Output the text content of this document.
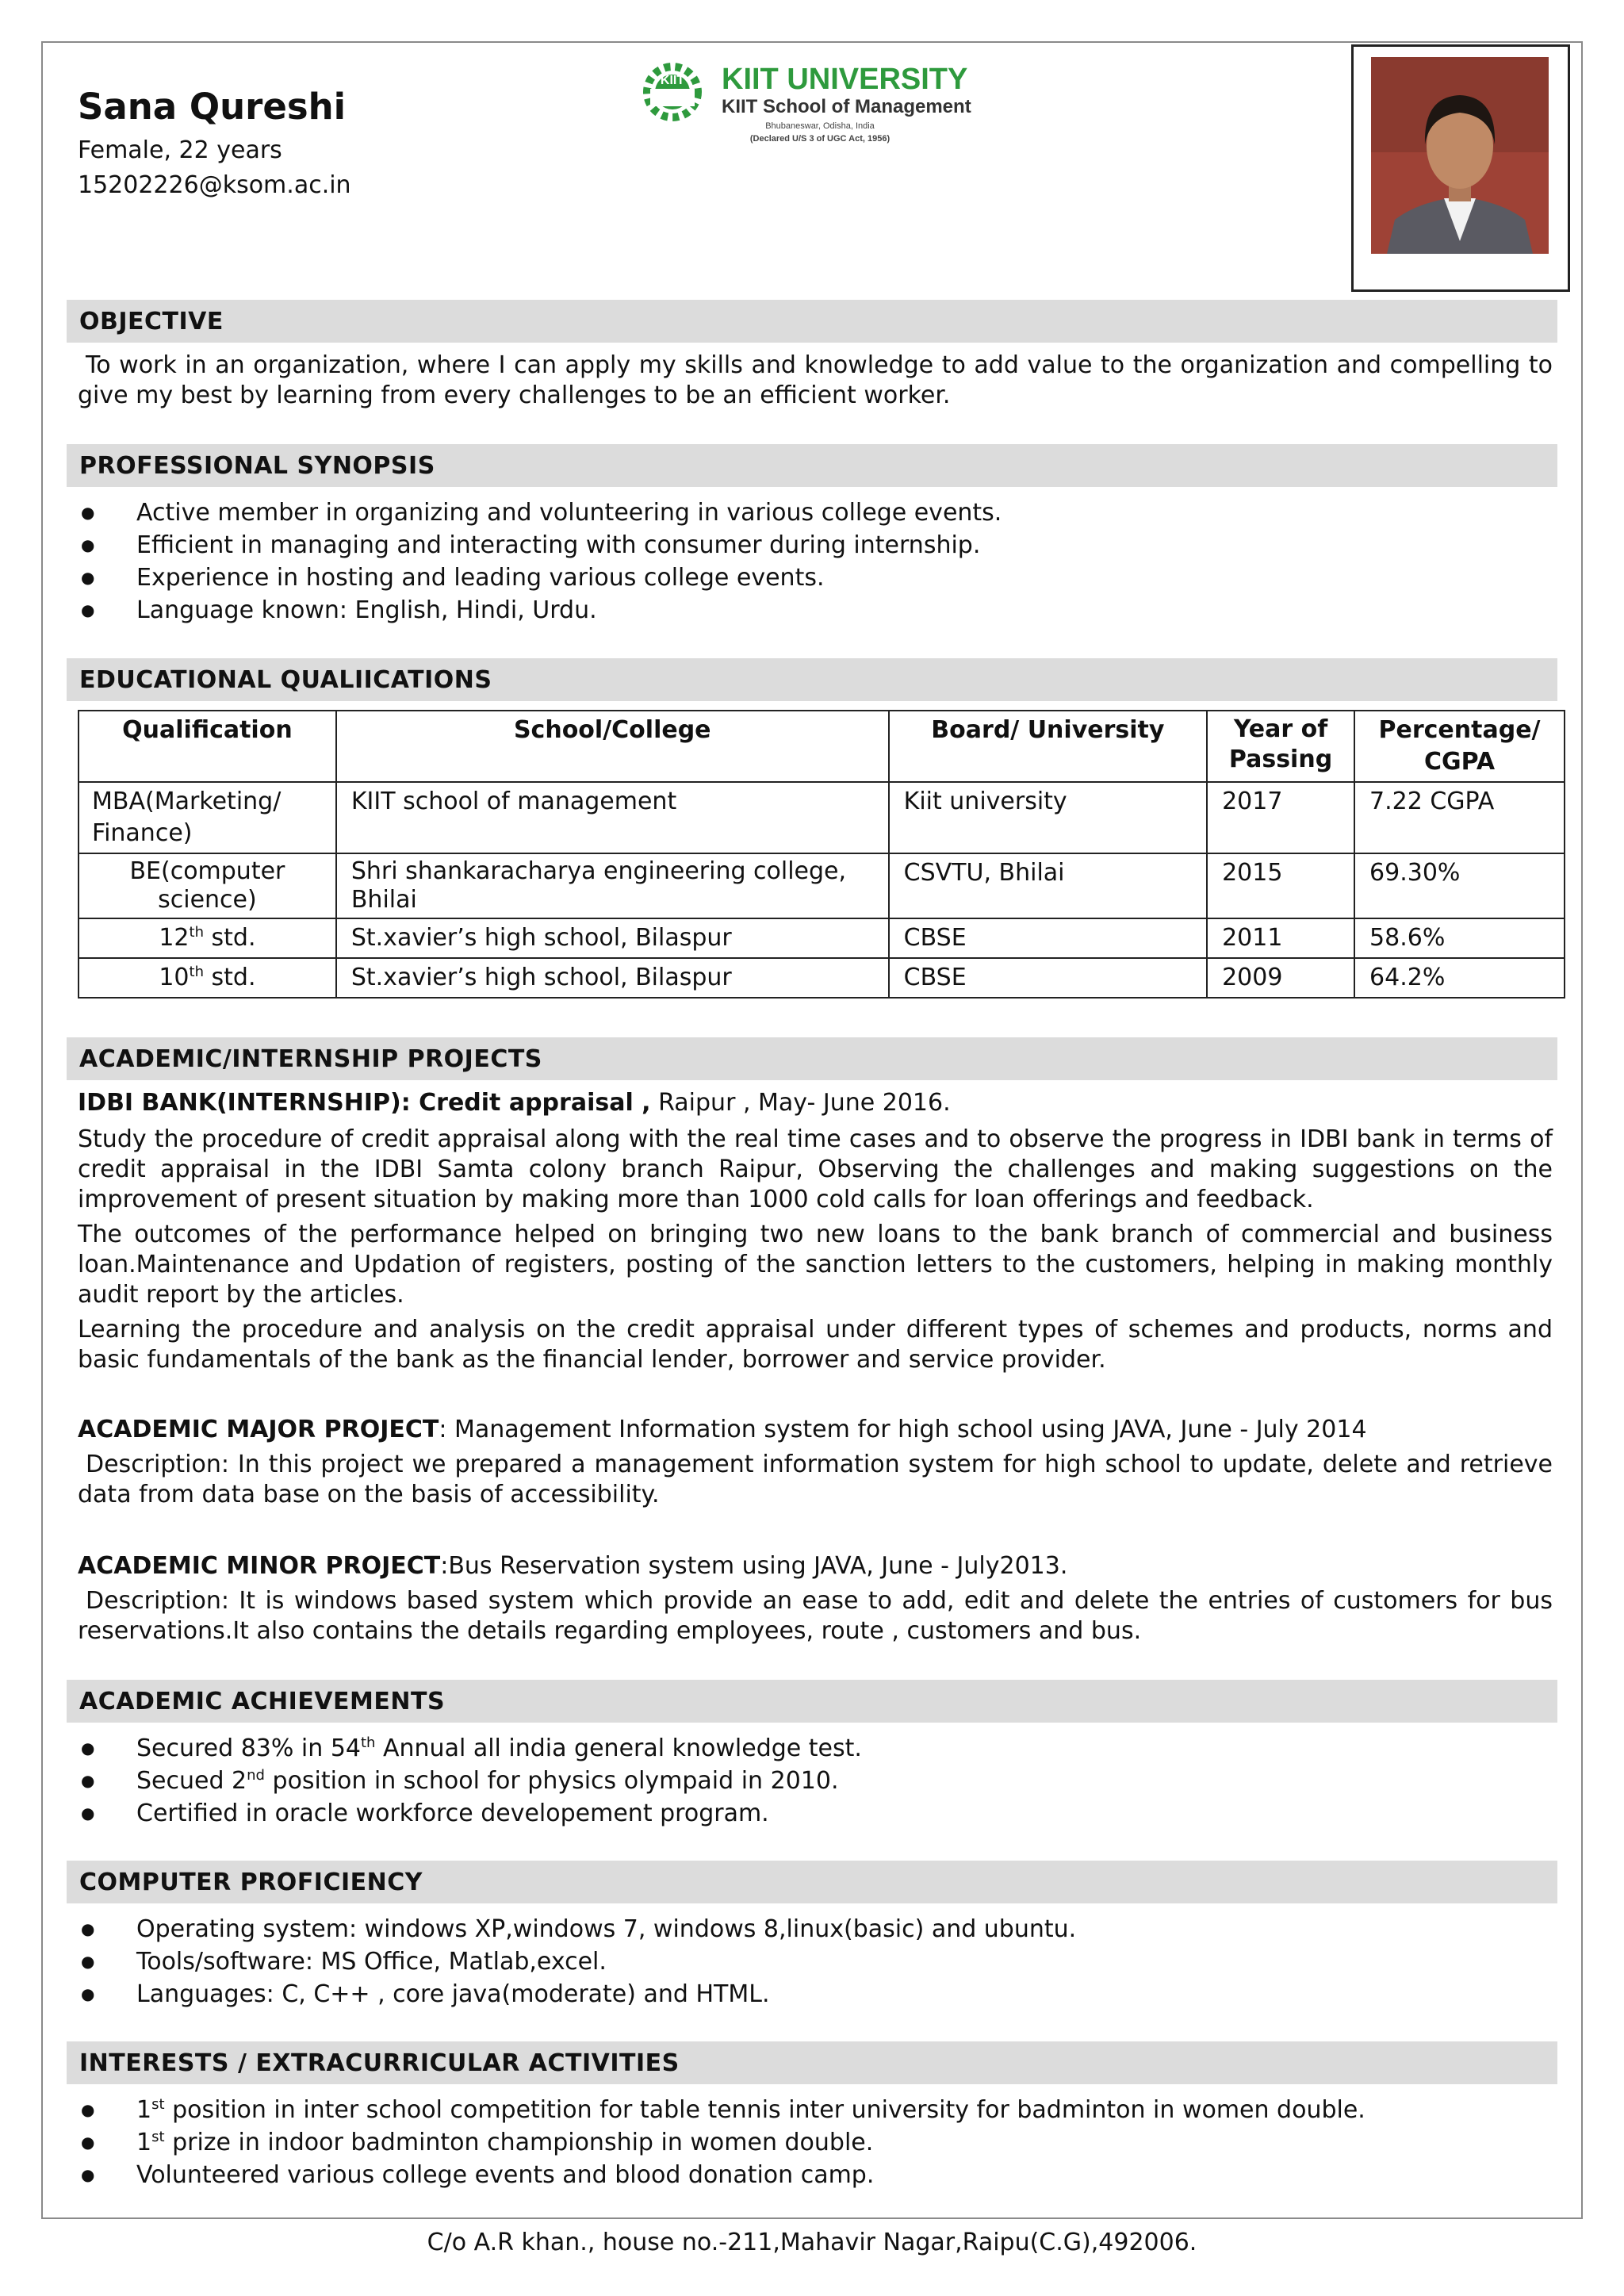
Sana Qureshi
Female, 22 years
15202226@ksom.ac.in
KIIT KIIT UNIVERSITY
KIIT School of Management
Bhubaneswar, Odisha, India
(Declared U/S 3 of UGC Act, 1956)
OBJECTIVE
To work in an organization, where I can apply my skills and knowledge to add value to the organization and compelling to give my best by learning from every challenges to be an efficient worker.
PROFESSIONAL SYNOPSIS
● Active member in organizing and volunteering in various college events.
● Efficient in managing and interacting with consumer during internship.
● Experience in hosting and leading various college events.
● Language known: English, Hindi, Urdu.
EDUCATIONAL QUALIICATIONS
Qualification	School/College	Board/ University	Year of Passing	Percentage/ CGPA
MBA(Marketing/ Finance)	KIIT school of management	Kiit university	2017	7.22 CGPA
BE(computer science)	Shri shankaracharya engineering college, Bhilai	CSVTU, Bhilai	2015	69.30%
12th std.	St.xavier’s high school, Bilaspur	CBSE	2011	58.6%
10th std.	St.xavier’s high school, Bilaspur	CBSE	2009	64.2%
ACADEMIC/INTERNSHIP PROJECTS
IDBI BANK(INTERNSHIP): Credit appraisal , Raipur , May- June 2016.
Study the procedure of credit appraisal along with the real time cases and to observe the progress in IDBI bank in terms of credit appraisal in the IDBI Samta colony branch Raipur, Observing the challenges and making suggestions on the improvement of present situation by making more than 1000 cold calls for loan offerings and feedback.
The outcomes of the performance helped on bringing two new loans to the bank branch of commercial and business loan.Maintenance and Updation of registers, posting of the sanction letters to the customers, helping in making monthly audit report by the articles.
Learning the procedure and analysis on the credit appraisal under different types of schemes and products, norms and basic fundamentals of the bank as the financial lender, borrower and service provider.
ACADEMIC MAJOR PROJECT: Management Information system for high school using JAVA, June - July 2014
Description: In this project we prepared a management information system for high school to update, delete and retrieve data from data base on the basis of accessibility.
ACADEMIC MINOR PROJECT:Bus Reservation system using JAVA, June - July2013.
Description: It is windows based system which provide an ease to add, edit and delete the entries of customers for bus reservations.It also contains the details regarding employees, route , customers and bus.
ACADEMIC ACHIEVEMENTS
● Secured 83% in 54th Annual all india general knowledge test.
● Secued 2nd position in school for physics olympaid in 2010.
● Certified in oracle workforce developement program.
COMPUTER PROFICIENCY
● Operating system: windows XP,windows 7, windows 8,linux(basic) and ubuntu.
● Tools/software: MS Office, Matlab,excel.
● Languages: C, C++ , core java(moderate) and HTML.
INTERESTS / EXTRACURRICULAR ACTIVITIES
● 1st position in inter school competition for table tennis inter university for badminton in women double.
● 1st prize in indoor badminton championship in women double.
● Volunteered various college events and blood donation camp.
C/o A.R khan., house no.-211,Mahavir Nagar,Raipu(C.G),492006.
